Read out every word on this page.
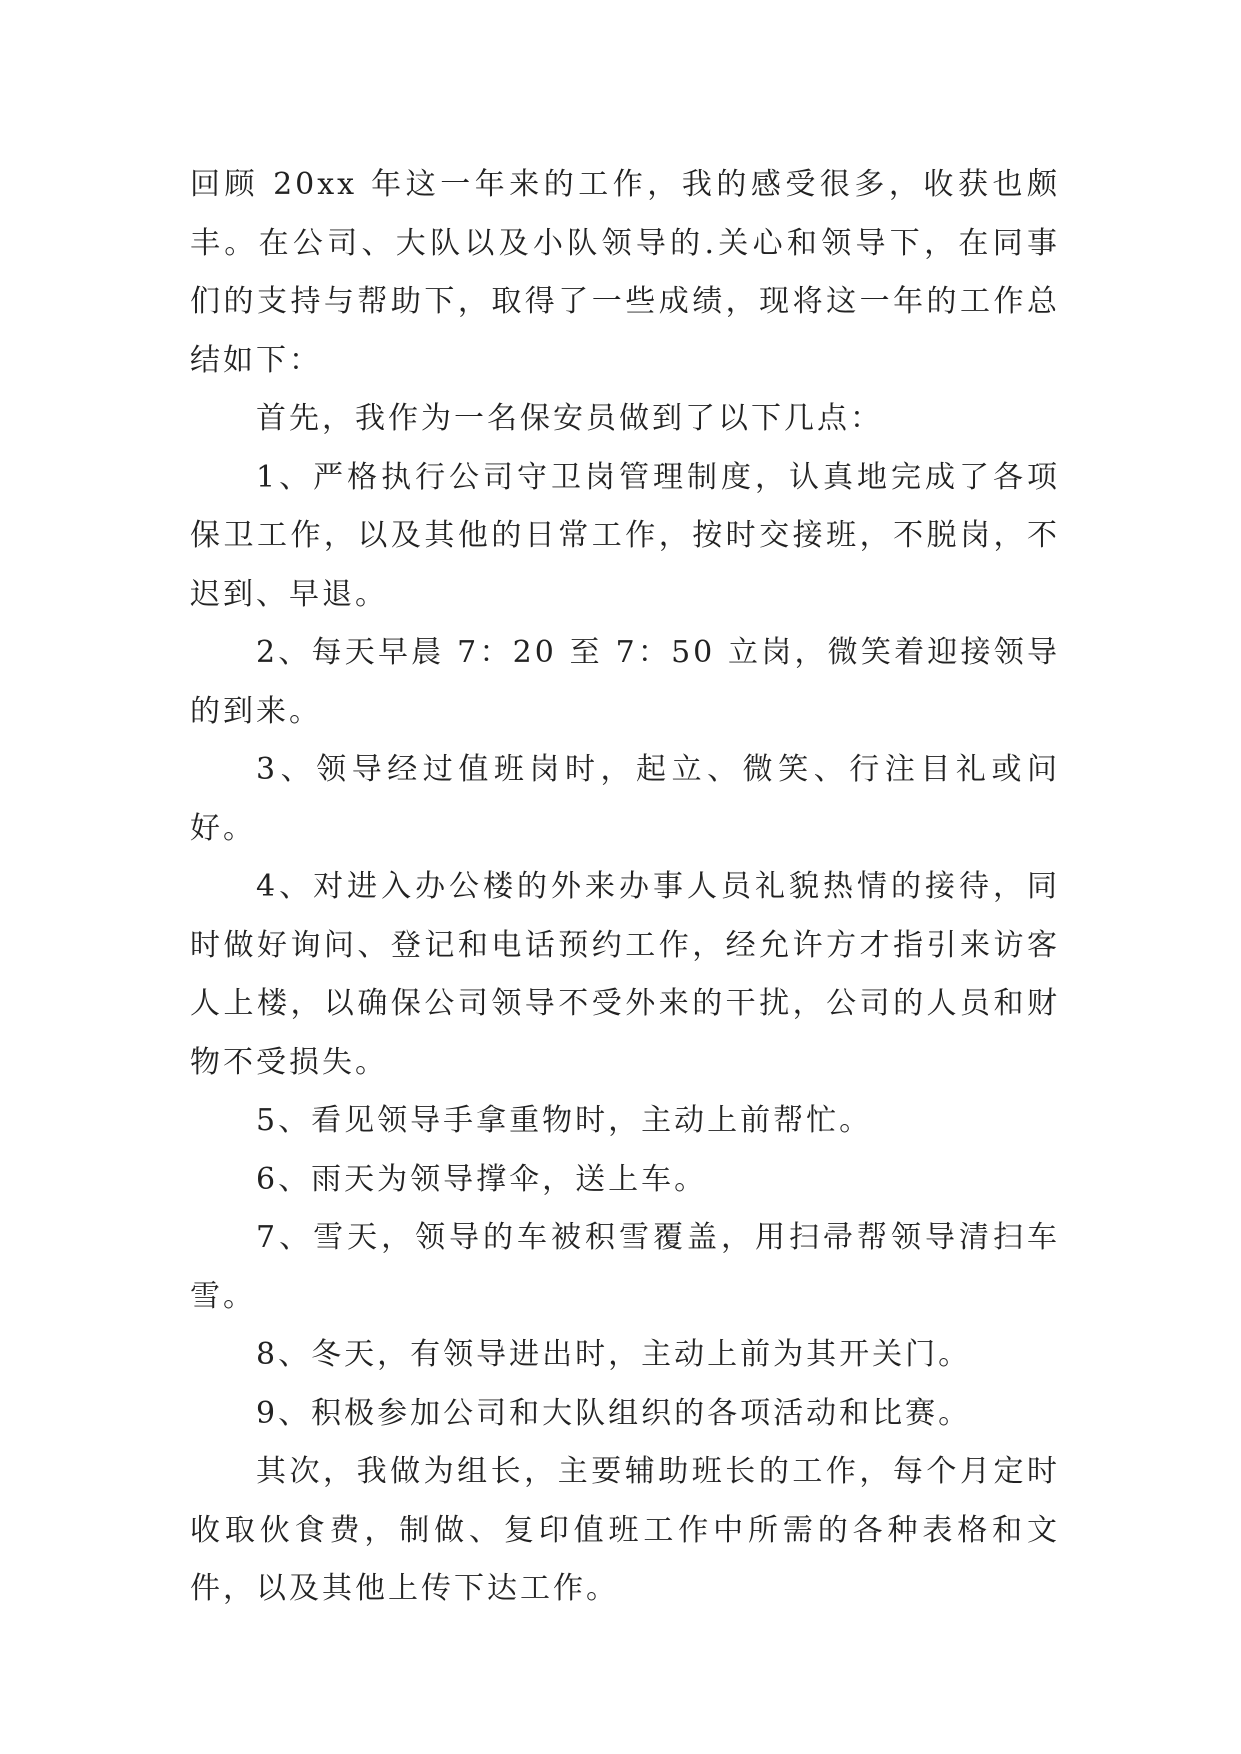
回顾 20xx 年这一年来的工作，我的感受很多，收获也颇丰。在公司、大队以及小队领导的.关心和领导下，在同事们的支持与帮助下，取得了一些成绩，现将这一年的工作总结如下：

首先，我作为一名保安员做到了以下几点：

1、严格执行公司守卫岗管理制度，认真地完成了各项保卫工作，以及其他的日常工作，按时交接班，不脱岗，不迟到、早退。

2、每天早晨 7：20 至 7：50 立岗，微笑着迎接领导的到来。

3、领导经过值班岗时，起立、微笑、行注目礼或问好。

4、对进入办公楼的外来办事人员礼貌热情的接待，同时做好询问、登记和电话预约工作，经允许方才指引来访客人上楼，以确保公司领导不受外来的干扰，公司的人员和财物不受损失。

5、看见领导手拿重物时，主动上前帮忙。

6、雨天为领导撑伞，送上车。

7、雪天，领导的车被积雪覆盖，用扫帚帮领导清扫车雪。

8、冬天，有领导进出时，主动上前为其开关门。

9、积极参加公司和大队组织的各项活动和比赛。

其次，我做为组长，主要辅助班长的工作，每个月定时收取伙食费，制做、复印值班工作中所需的各种表格和文件，以及其他上传下达工作。
